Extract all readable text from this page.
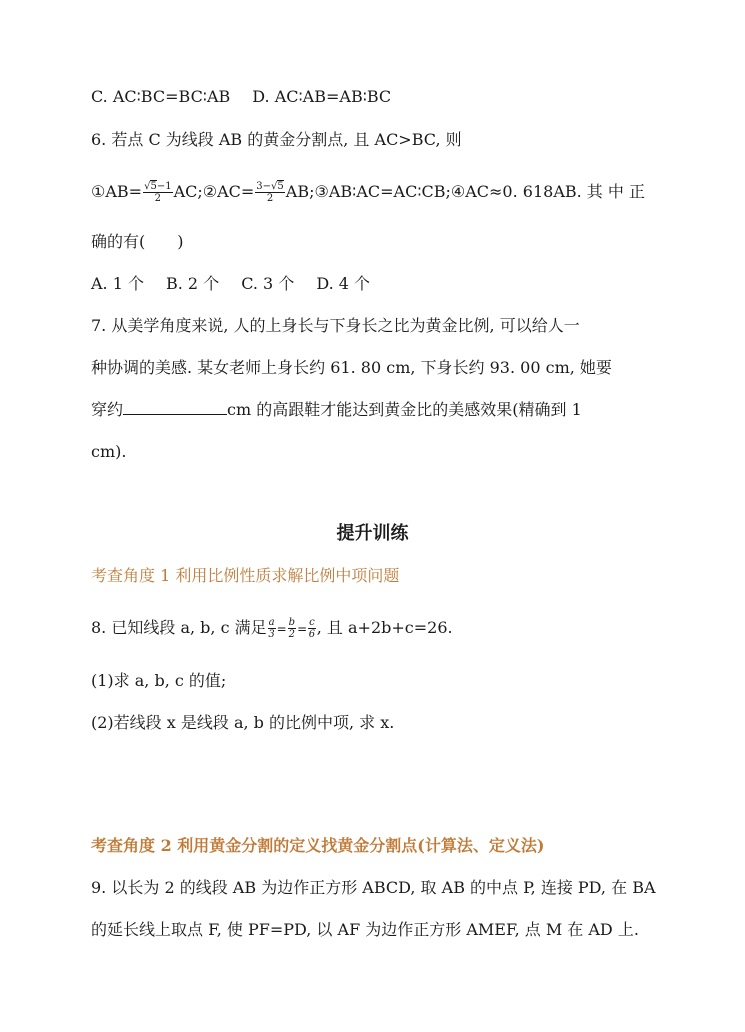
C. AC∶BC=BC∶AB D. AC∶AB=AB∶BC
6. 若点 C 为线段 AB 的黄金分割点, 且 AC>BC, 则
①AB= $\frac{√5-1}{2}$ AC;②AC= $\frac{3-√5}{2}$ AB;③AB∶AC=AC∶CB;④AC≈0. 618AB. 其 中 正
确的有(　　)
A. 1 个 B. 2 个 C. 3 个 D. 4 个
7. 从美学角度来说, 人的上身长与下身长之比为黄金比例, 可以给人一
种协调的美感. 某女老师上身长约 61. 80 cm, 下身长约 93. 00 cm, 她要
穿约	cm 的高跟鞋才能达到黄金比的美感效果(精确到 1
cm).
提升训练
考查角度 1 利用比例性质求解比例中项问题
8. 已知线段 a, b, c 满足 $\frac{a}{3} = \frac{b}{2} = \frac{c}{6}$ , 且 a+2b+c=26.
(1)求 a, b, c 的值;
(2)若线段 x 是线段 a, b 的比例中项, 求 x.
考查角度 2 利用黄金分割的定义找黄金分割点(计算法、定义法)
9. 以长为 2 的线段 AB 为边作正方形 ABCD, 取 AB 的中点 P, 连接 PD, 在 BA
的延长线上取点 F, 使 PF=PD, 以 AF 为边作正方形 AMEF, 点 M 在 AD 上.
